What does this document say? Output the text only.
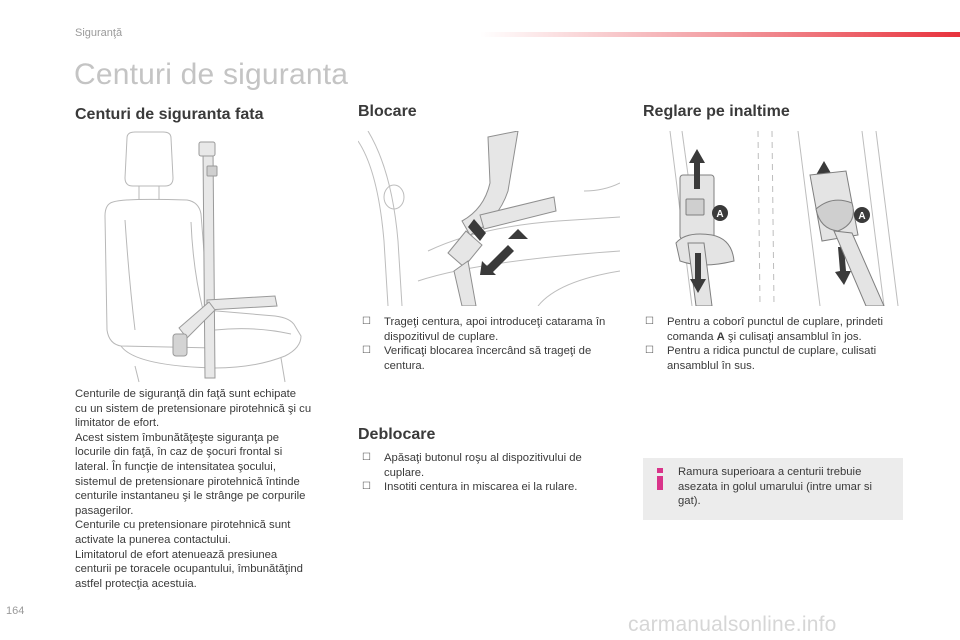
Siguranţă
Centuri de siguranta
Centuri de siguranta fata
Centurile de siguranţă din faţă sunt echipate
cu un sistem de pretensionare pirotehnică şi cu
limitator de efort.
Acest sistem îmbunătăţeşte siguranţa pe
locurile din faţă, în caz de şocuri frontal si
lateral. În funcţie de intensitatea şocului,
sistemul de pretensionare pirotehnică întinde
centurile instantaneu şi le strânge pe corpurile
pasagerilor.
Centurile cu pretensionare pirotehnică sunt
activate la punerea contactului.
Limitatorul de efort atenuează presiunea
centurii pe toracele ocupantului, îmbunătăţind
astfel protecţia acestuia.
Blocare
☐ Trageţi centura, apoi introduceţi catarama în dispozitivul de cuplare.
☐ Verificaţi blocarea încercând să trageţi de centura.
Deblocare
☐ Apăsaţi butonul roşu al dispozitivului de cuplare.
☐ Insotiti centura in miscarea ei la rulare.
Reglare pe inaltime
A	A
☐ Pentru a coborî punctul de cuplare, prindeti comanda A şi culisaţi ansamblul în jos.
☐ Pentru a ridica punctul de cuplare, culisati ansamblul în sus.
Ramura superioara a centurii trebuie asezata in golul umarului (intre umar si gat).
164
carmanualsonline.info
